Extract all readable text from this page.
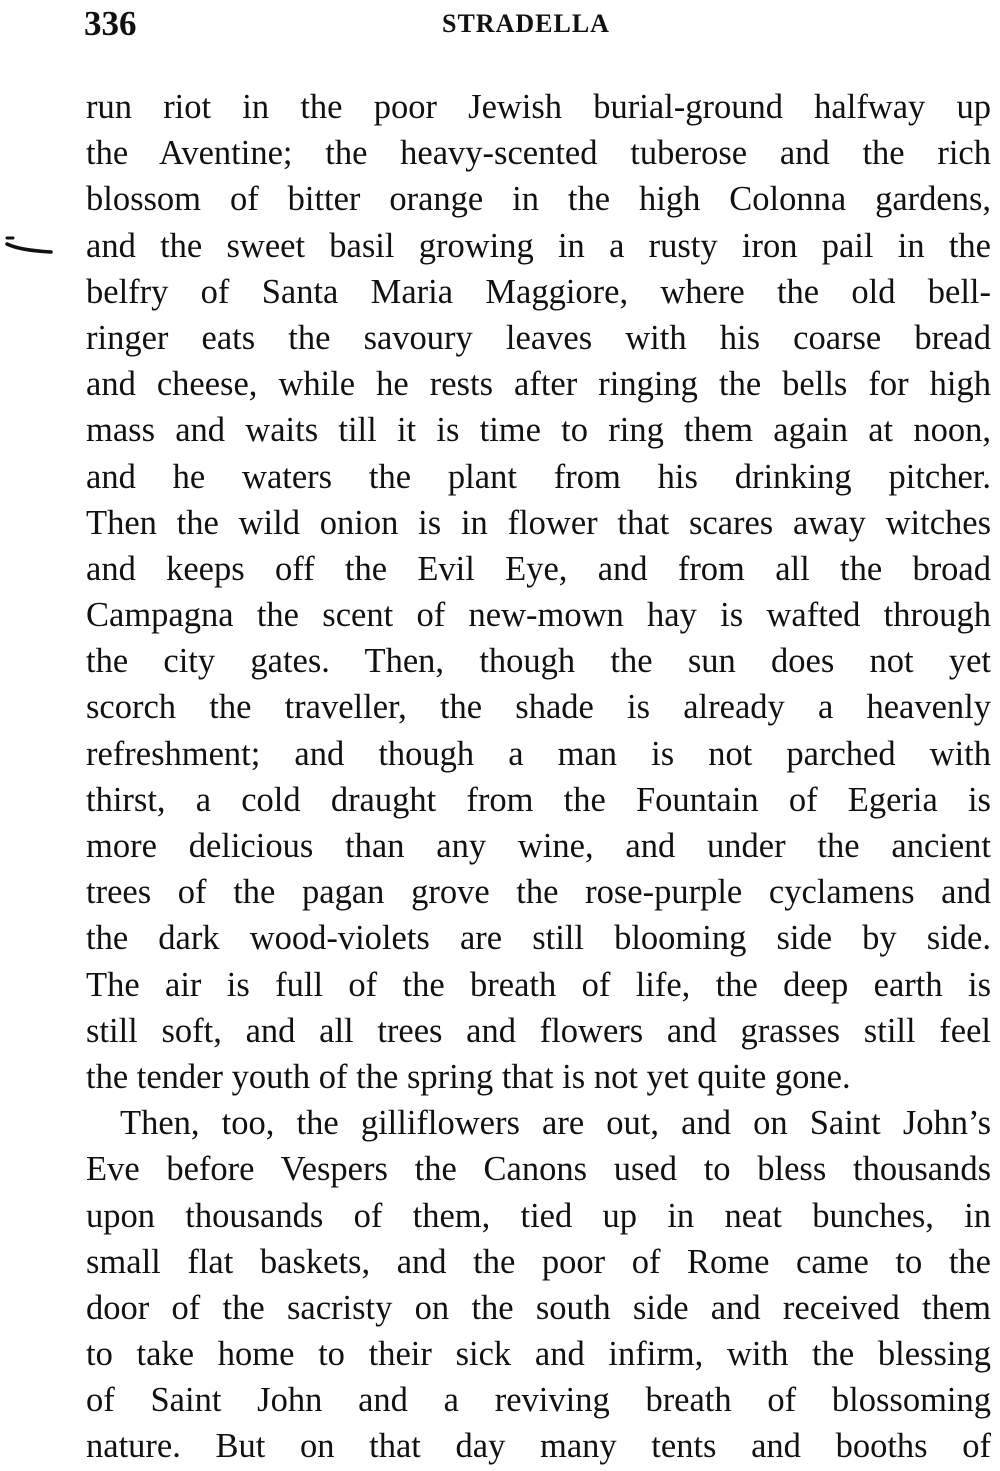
336	STRADELLA
run riot in the poor Jewish burial-ground halfway up
the Aventine; the heavy-scented tuberose and the rich
blossom of bitter orange in the high Colonna gardens,
and the sweet basil growing in a rusty iron pail in the
belfry of Santa Maria Maggiore, where the old bell-
ringer eats the savoury leaves with his coarse bread
and cheese, while he rests after ringing the bells for high
mass and waits till it is time to ring them again at noon,
and he waters the plant from his drinking pitcher.
Then the wild onion is in flower that scares away witches
and keeps off the Evil Eye, and from all the broad
Campagna the scent of new-mown hay is wafted through
the city gates. Then, though the sun does not yet
scorch the traveller, the shade is already a heavenly
refreshment; and though a man is not parched with
thirst, a cold draught from the Fountain of Egeria is
more delicious than any wine, and under the ancient
trees of the pagan grove the rose-purple cyclamens and
the dark wood-violets are still blooming side by side.
The air is full of the breath of life, the deep earth is
still soft, and all trees and flowers and grasses still feel
the tender youth of the spring that is not yet quite gone.
Then, too, the gilliflowers are out, and on Saint John’s
Eve before Vespers the Canons used to bless thousands
upon thousands of them, tied up in neat bunches, in
small flat baskets, and the poor of Rome came to the
door of the sacristy on the south side and received them
to take home to their sick and infirm, with the blessing
of Saint John and a reviving breath of blossoming
nature. But on that day many tents and booths of
